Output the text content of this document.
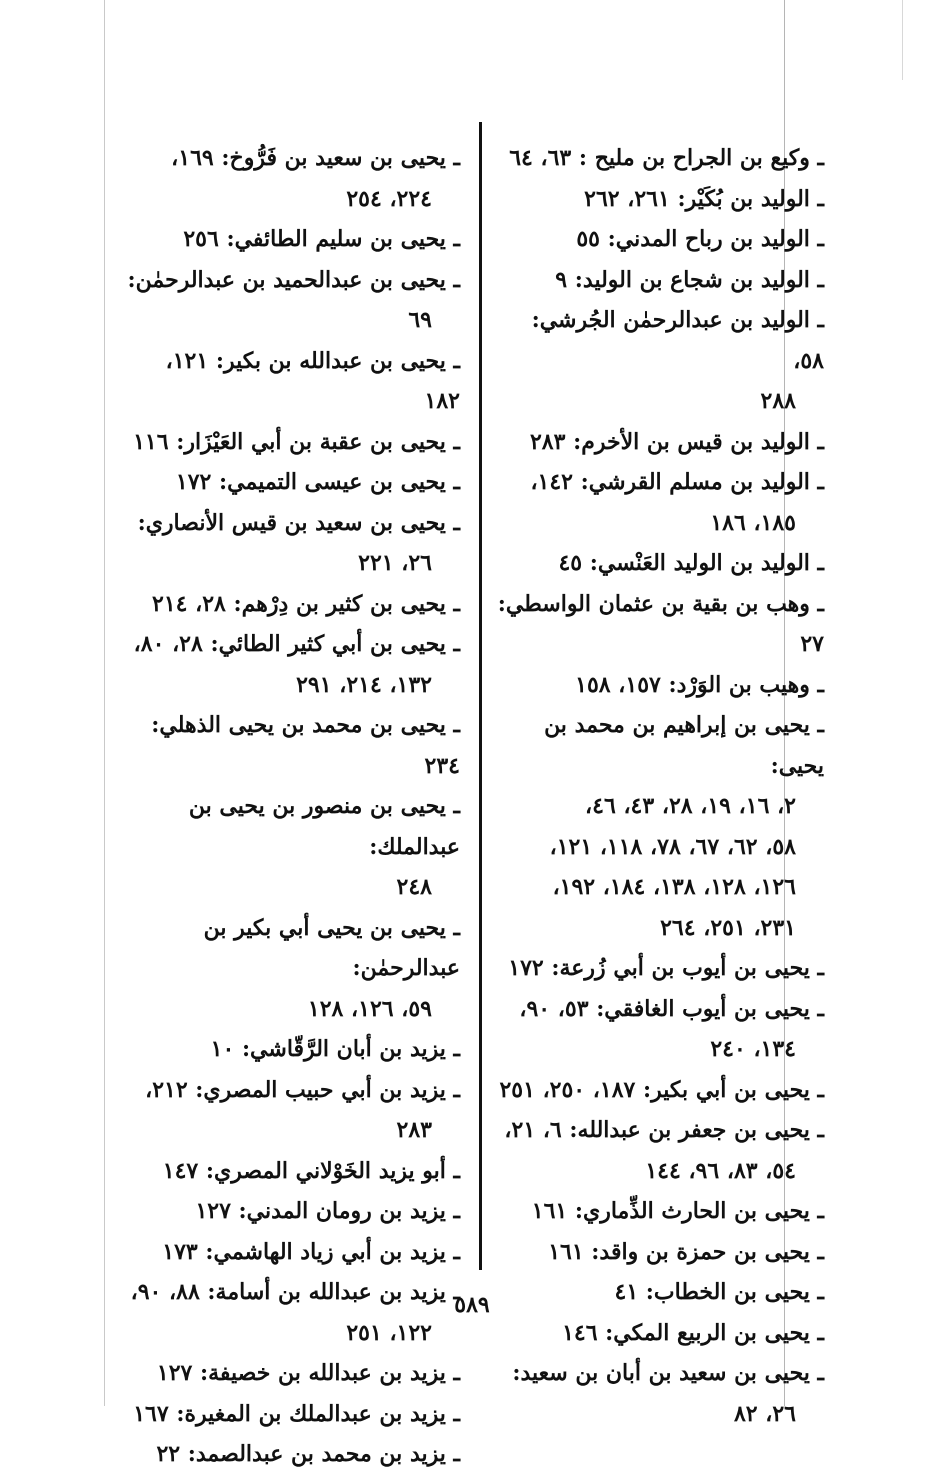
ـ وكيع بن الجراح بن مليح : ٦٣، ٦٤

ـ الوليد بن بُكَيْر: ٢٦١، ٢٦٢

ـ الوليد بن رباح المدني: ٥٥

ـ الوليد بن شجاع بن الوليد: ٩

ـ الوليد بن عبدالرحمٰن الجُرشي: ٥٨،

٢٨٨

ـ الوليد بن قيس بن الأخرم: ٢٨٣

ـ الوليد بن مسلم القرشي: ١٤٢،

١٨٥، ١٨٦

ـ الوليد بن الوليد العَنْسي: ٤٥

ـ وهب بن بقية بن عثمان الواسطي: ٢٧

ـ وهيب بن الوَرْد: ١٥٧، ١٥٨

ـ يحيى بن إبراهيم بن محمد بن يحيى:

٢، ١٦، ١٩، ٢٨، ٤٣، ٤٦،
٥٨، ٦٢، ٦٧، ٧٨، ١١٨، ١٢١،
١٢٦، ١٢٨، ١٣٨، ١٨٤، ١٩٢،
٢٣١، ٢٥١، ٢٦٤

ـ يحيى بن أيوب بن أبي زُرعة: ١٧٢

ـ يحيى بن أيوب الغافقي: ٥٣، ٩٠،

١٣٤، ٢٤٠

ـ يحيى بن أبي بكير: ١٨٧، ٢٥٠، ٢٥١

ـ يحيى بن جعفر بن عبدالله: ٦، ٢١،

٥٤، ٨٣، ٩٦، ١٤٤

ـ يحيى بن الحارث الذِّماري: ١٦١

ـ يحيى بن حمزة بن واقد: ١٦١

ـ يحيى بن الخطاب: ٤١

ـ يحيى بن الربيع المكي: ١٤٦

ـ يحيى بن سعيد بن أبان بن سعيد:

٢٦، ٨٢

ـ يحيى بن سعيد بن فَرُّوخ: ١٦٩،

٢٢٤، ٢٥٤

ـ يحيى بن سليم الطائفي: ٢٥٦

ـ يحيى بن عبدالحميد بن عبدالرحمٰن:

٦٩

ـ يحيى بن عبدالله بن بكير: ١٢١، ١٨٢

ـ يحيى بن عقبة بن أبي العَيْزَار: ١١٦

ـ يحيى بن عيسى التميمي: ١٧٢

ـ يحيى بن سعيد بن قيس الأنصاري:

٢٦، ٢٢١

ـ يحيى بن كثير بن دِرْهم: ٢٨، ٢١٤

ـ يحيى بن أبي كثير الطائي: ٢٨، ٨٠،

١٣٢، ٢١٤، ٢٩١

ـ يحيى بن محمد بن يحيى الذهلي: ٢٣٤

ـ يحيى بن منصور بن يحيى بن عبدالملك:

٢٤٨

ـ يحيى بن يحيى أبي بكير بن عبدالرحمٰن:

٥٩، ١٢٦، ١٢٨

ـ يزيد بن أبان الرَّقّاشي: ١٠

ـ يزيد بن أبي حبيب المصري: ٢١٢،

٢٨٣

ـ أبو يزيد الخَوْلاني المصري: ١٤٧

ـ يزيد بن رومان المدني: ١٢٧

ـ يزيد بن أبي زياد الهاشمي: ١٧٣

ـ يزيد بن عبدالله بن أسامة: ٨٨، ٩٠،

١٢٢، ٢٥١

ـ يزيد بن عبدالله بن خصيفة: ١٢٧

ـ يزيد بن عبدالملك بن المغيرة: ١٦٧

ـ يزيد بن محمد بن عبدالصمد: ٢٢

٥٨٩
